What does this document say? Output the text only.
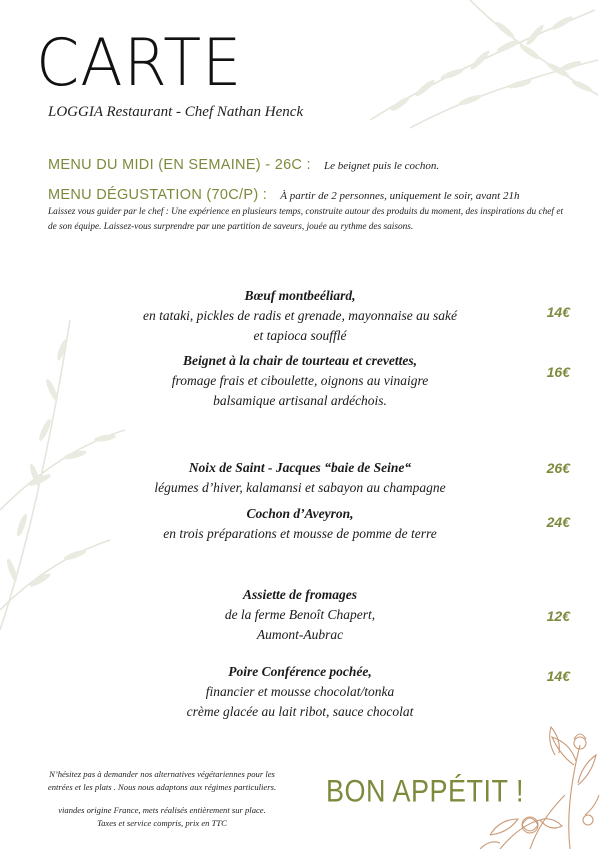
CARTE
LOGGIA Restaurant - Chef Nathan Henck
MENU DU MIDI (EN SEMAINE) - 26C : Le beignet puis le cochon.
MENU DÉGUSTATION (70C/P) : À partir de 2 personnes, uniquement le soir, avant 21h

Laissez vous guider par le chef : Une expérience en plusieurs temps, construite autour des produits du moment, des inspirations du chef et de son équipe. Laissez-vous surprendre par une partition de saveurs, jouée au rythme des saisons.

Bœuf montbeéliard,
en tataki, pickles de radis et grenade, mayonnaise au saké
et tapioca soufflé
14€
Beignet à la chair de tourteau et crevettes,
fromage frais et ciboulette, oignons au vinaigre
balsamique artisanal ardéchois.
16€
Noix de Saint - Jacques “baie de Seine“
légumes d’hiver, kalamansi et sabayon au champagne
26€
Cochon d’Aveyron,
en trois préparations et mousse de pomme de terre
24€
Assiette de fromages
de la ferme Benoît Chapert,
Aumont-Aubrac
12€
Poire Conférence pochée,
financier et mousse chocolat/tonka
crème glacée au lait ribot, sauce chocolat
14€

N’hésitez pas à demander nos alternatives végétariennes pour les
entrées et les plats . Nous nous adaptons aux régimes particuliers.

viandes origine France, mets réalisés entièrement sur place.
Taxes et service compris, prix en TTC

BON APPÉTIT !
